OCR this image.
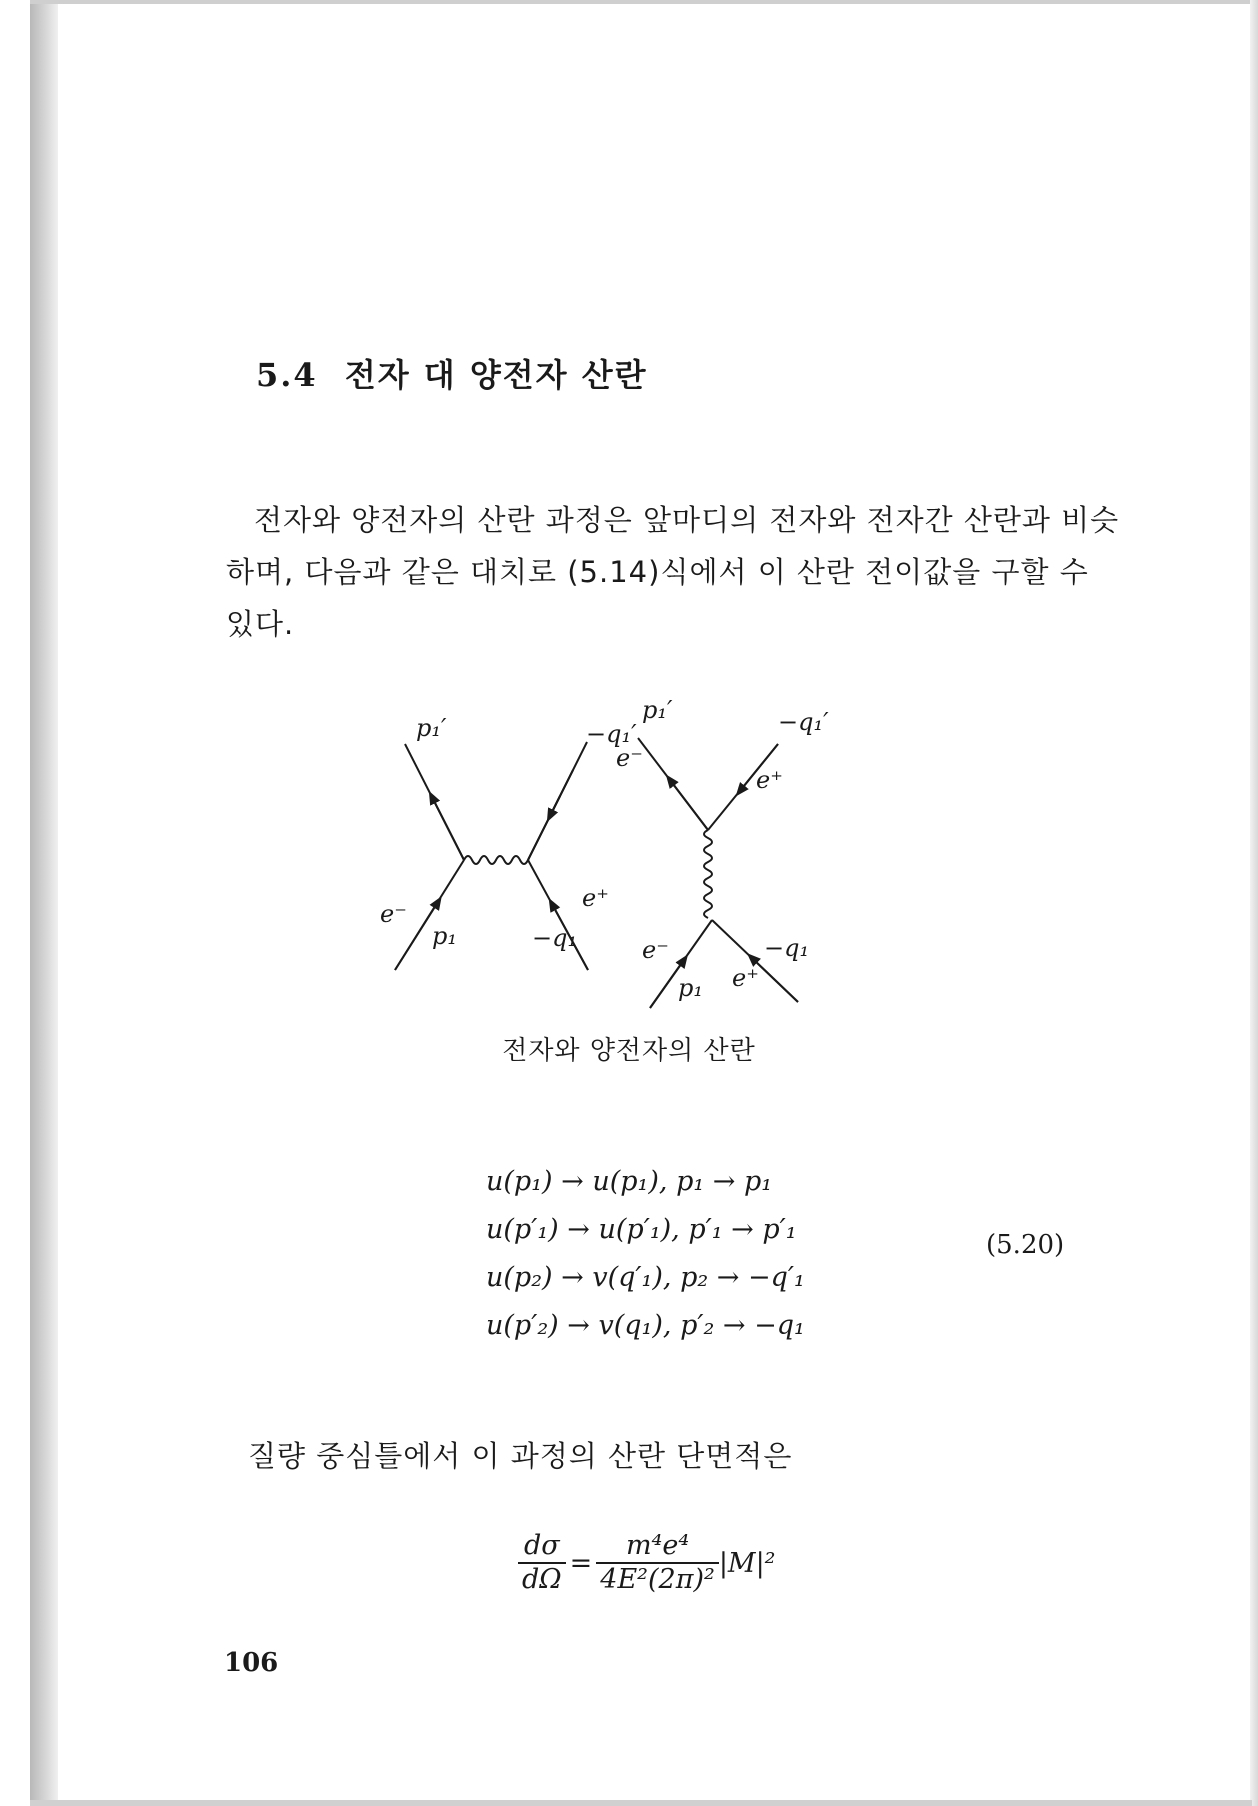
5.4 전자 대 양전자 산란
전자와 양전자의 산란 과정은 앞마디의 전자와 전자간 산란과 비슷
하며, 다음과 같은 대치로 (5.14)식에서 이 산란 전이값을 구할 수
있다.
p₁′	−q₁′
e⁻
p₁	−q₁
e⁺
p₁′	−q₁′
e⁻
e⁺
e⁻	−q₁
p₁ e⁺
전자와 양전자의 산란
u(p₁) → u(p₁), p₁ → p₁
u(p′₁) → u(p′₁), p′₁ → p′₁
u(p₂) → v(q′₁), p₂ → −q′₁
u(p′₂) → v(q₁), p′₂ → −q₁
(5.20)
질량 중심틀에서 이 과정의 산란 단면적은
$\frac{d\sigma}{d\Omega} = \frac{\text{m⁴e⁴}}{\text{4E²(2π)²}} |M|^2$
106
